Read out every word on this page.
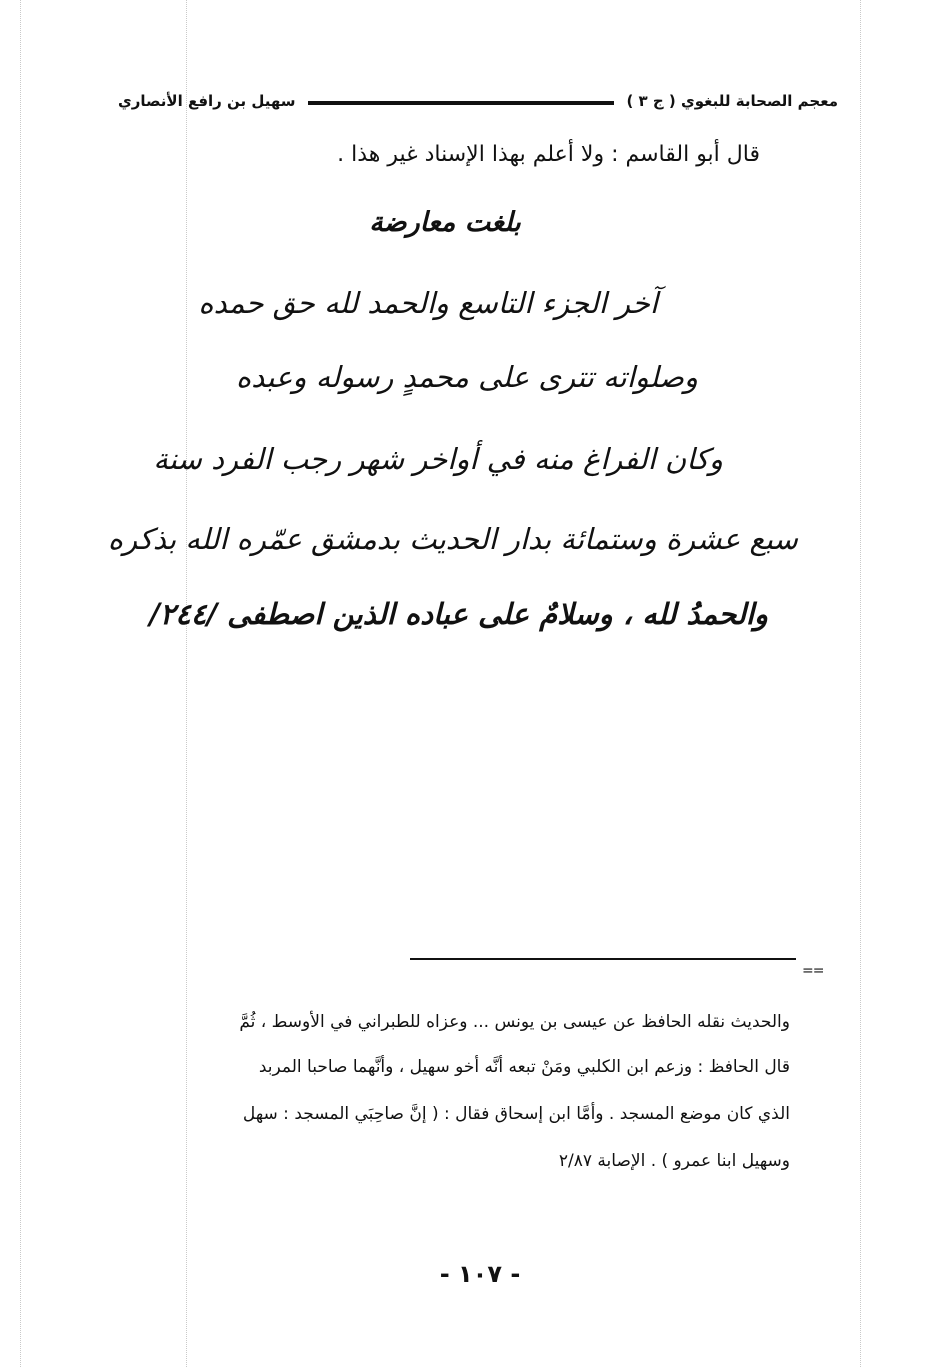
معجم الصحابة للبغوي ( ج ٣ )
سهيل بن رافع الأنصاري
قال أبو القاسم : ولا أعلم بهذا الإسناد غير هذا .
بلغت معارضة
آخر الجزء التاسع والحمد لله حق حمده
وصلواته تترى على محمدٍ رسوله وعبده
وكان الفراغ منه في أواخر شهر رجب الفرد سنة
سبع عشرة وستمائة بدار الحديث بدمشق عمّره الله بذكره
والحمدُ لله ، وسلامٌ على عباده الذين اصطفى /٢٤٤/
==
والحديث نقله الحافظ عن عيسى بن يونس ... وعزاه للطبراني في الأوسط ، ثُمَّ
قال الحافظ : وزعم ابن الكلبي ومَنْ تبعه أنَّه أخو سهيل ، وأنَّهما صاحبا المربد
الذي كان موضع المسجد . وأمَّا ابن إسحاق فقال : ( إنَّ صاحِبَي المسجد : سهل
وسهيل ابنا عمرو ) . الإصابة ٢/٨٧
- ١٠٧ -
